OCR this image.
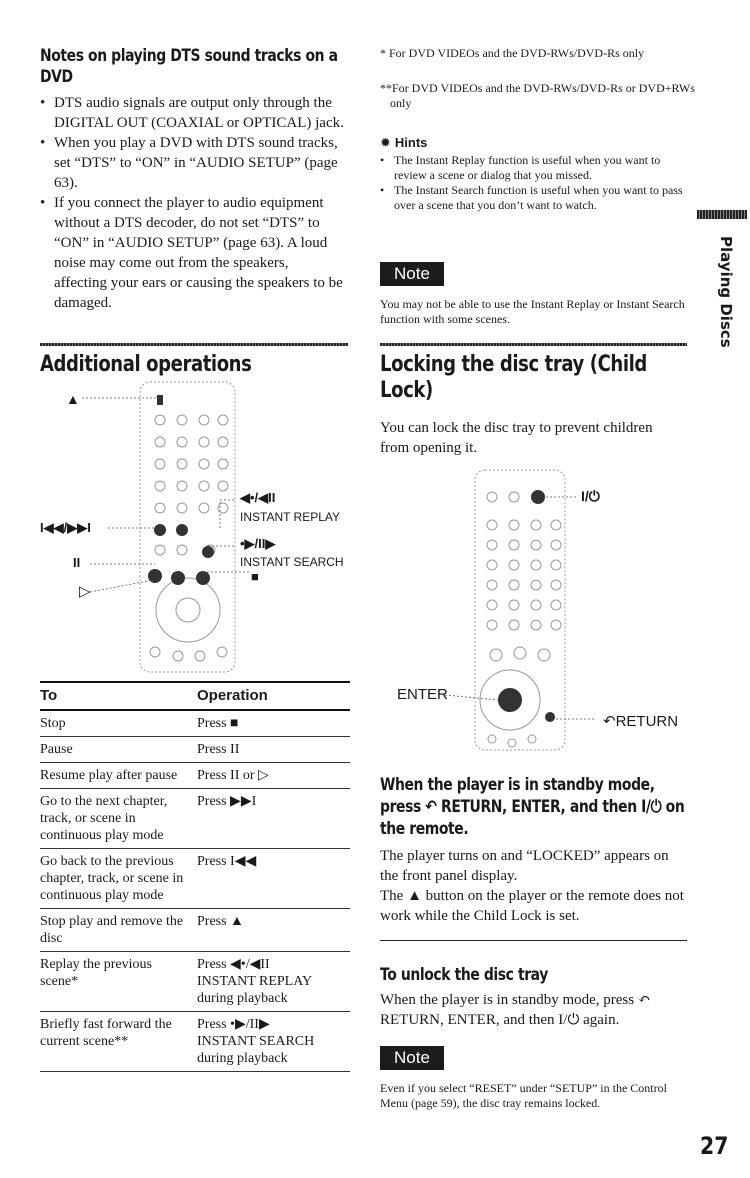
Notes on playing DTS sound tracks on a DVD
• DTS audio signals are output only through the DIGITAL OUT (COAXIAL or OPTICAL) jack.
• When you play a DVD with DTS sound tracks, set “DTS” to “ON” in “AUDIO SETUP” (page 63).
• If you connect the player to audio equipment without a DTS decoder, do not set “DTS” to “ON” in “AUDIO SETUP” (page 63). A loud noise may come out from the speakers, affecting your ears or causing the speakers to be damaged.
Additional operations
▲
I◀◀/▶▶I
II
▷
◀•/◀II
INSTANT REPLAY
•▶/II▶
INSTANT SEARCH
■
To	Operation
Stop	Press ■
Pause	Press II
Resume play after pause	Press II or ▷
Go to the next chapter, track, or scene in continuous play mode	Press ▶▶I
Go back to the previous chapter, track, or scene in continuous play mode	Press I◀◀
Stop play and remove the disc	Press ▲
Replay the previous scene*	Press ◀•/◀II
INSTANT REPLAY
during playback
Briefly fast forward the current scene**	Press •▶/II▶
INSTANT SEARCH
during playback
* For DVD VIDEOs and the DVD-RWs/DVD-Rs only
**For DVD VIDEOs and the DVD-RWs/DVD-Rs or DVD+RWs only
✹ Hints
• The Instant Replay function is useful when you want to review a scene or dialog that you missed.
• The Instant Search function is useful when you want to pass over a scene that you don’t want to watch.
Note
You may not be able to use the Instant Replay or Instant Search function with some scenes.
Locking the disc tray (Child Lock)
You can lock the disc tray to prevent children from opening it.
I/⏻
ENTER
↶RETURN
When the player is in standby mode, press ↶ RETURN, ENTER, and then I/⏻ on the remote.
The player turns on and “LOCKED” appears on the front panel display.
The ▲ button on the player or the remote does not work while the Child Lock is set.
To unlock the disc tray
When the player is in standby mode, press ↶ RETURN, ENTER, and then I/⏻ again.
Note
Even if you select “RESET” under “SETUP” in the Control Menu (page 59), the disc tray remains locked.
Playing Discs
27
